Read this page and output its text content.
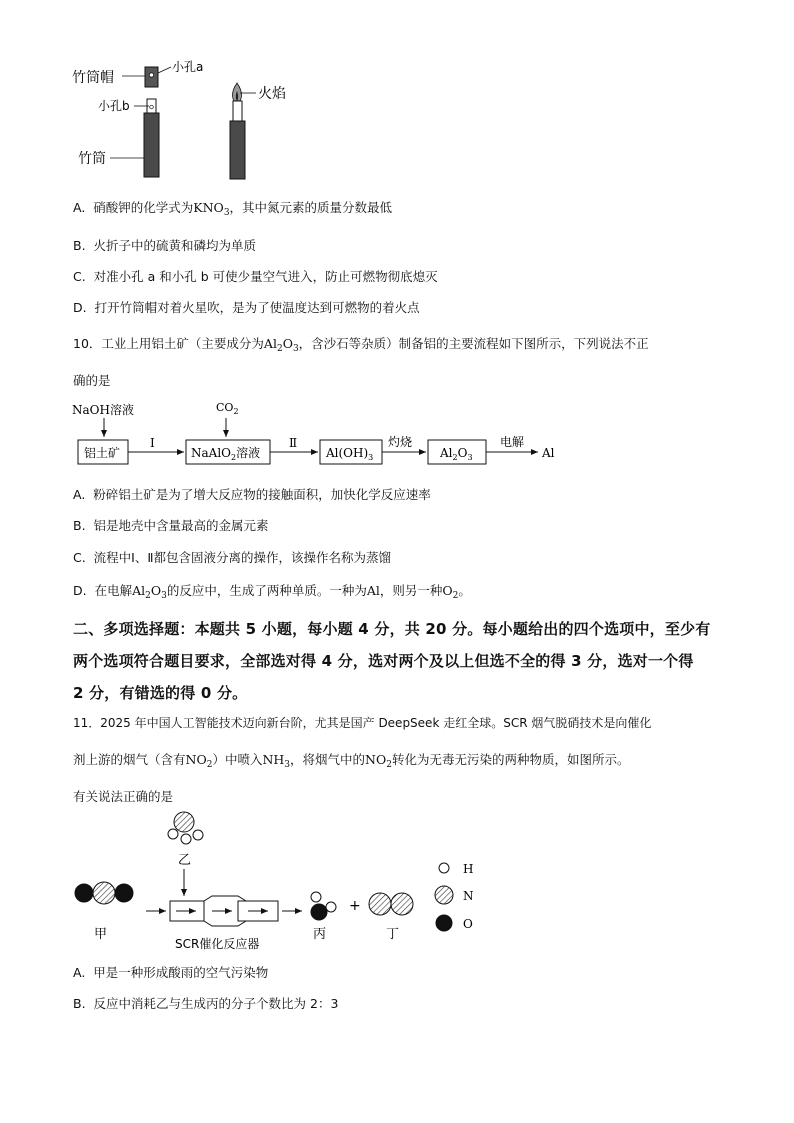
竹筒帽
小孔a
小孔b
竹筒
火焰
A. 硝酸钾的化学式为$KNO_3$，其中氮元素的质量分数最低
B. 火折子中的硫黄和磷均为单质
C. 对准小孔 a 和小孔 b 可使少量空气进入，防止可燃物彻底熄灭
D. 打开竹筒帽对着火星吹，是为了使温度达到可燃物的着火点
10．工业上用铝土矿（主要成分为$Al_2O_3$，含沙石等杂质）制备铝的主要流程如下图所示，下列说法不正
确的是
NaOH溶液
铝土矿
Ⅰ
$CO_2$
NaAlO$_2$溶液
Ⅱ
$Al(OH)_3$
灼烧
$Al_2O_3$
电解
Al
A. 粉碎铝土矿是为了增大反应物的接触面积，加快化学反应速率
B. 铝是地壳中含量最高的金属元素
C. 流程中Ⅰ、Ⅱ都包含固液分离的操作，该操作名称为蒸馏
D. 在电解$Al_2O_3$的反应中，生成了两种单质。一种为Al，则另一种$O_2$。
二、多项选择题：本题共 5 小题，每小题 4 分，共 20 分。每小题给出的四个选项中，至少有
两个选项符合题目要求，全部选对得 4 分，选对两个及以上但选不全的得 3 分，选对一个得
2 分，有错选的得 0 分。
11．2025 年中国人工智能技术迈向新台阶，尤其是国产 DeepSeek 走红全球。SCR 烟气脱硝技术是向催化
剂上游的烟气（含有$NO_2$）中喷入$NH_3$，将烟气中的$NO_2$转化为无毒无污染的两种物质，如图所示。
有关说法正确的是
乙
甲
SCR催化反应器
丙
+
丁
H
N
O
A. 甲是一种形成酸雨的空气污染物
B. 反应中消耗乙与生成丙的分子个数比为 2：3
